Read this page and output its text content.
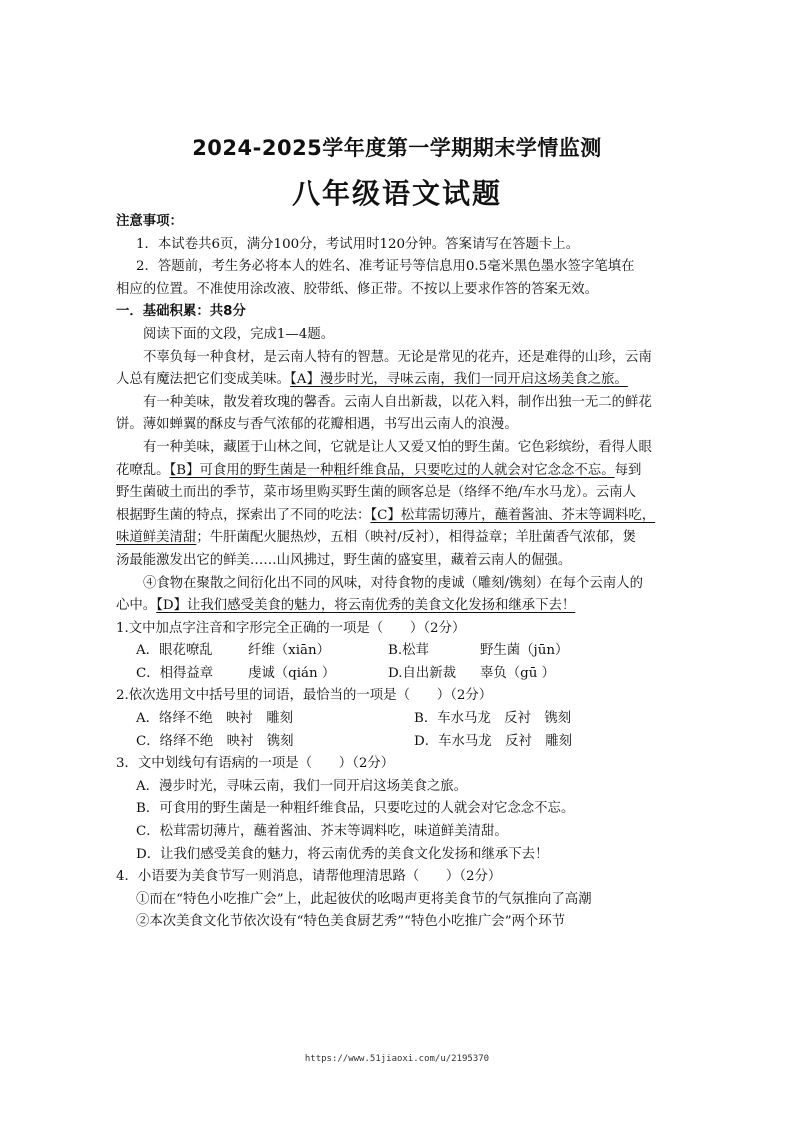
2024-2025学年度第一学期期末学情监测
八年级语文试题
注意事项：
1．本试卷共6页，满分100分，考试用时120分钟。答案请写在答题卡上。
2．答题前，考生务必将本人的姓名、准考证号等信息用0.5毫米黑色墨水签字笔填在
相应的位置。不准使用涂改液、胶带纸、修正带。不按以上要求作答的答案无效。
一．基础积累：共8分
阅读下面的文段，完成1—4题。
不辜负每一种食材，是云南人特有的智慧。无论是常见的花卉，还是难得的山珍，云南
人总有魔法把它们变成美味。【A】漫步时光，寻味云南，我们一同开启这场美食之旅。
有一种美味，散发着玫瑰的馨香。云南人自出新裁，以花入料，制作出独一无二的鲜花
饼。薄如蝉翼的酥皮与香气浓郁的花瓣相遇，书写出云南人的浪漫。
有一种美味，藏匿于山林之间，它就是让人又爱又怕的野生菌。它色彩缤纷，看得人眼
花嘹乱。【B】可食用的野生菌是一种粗纤维食品，只要吃过的人就会对它念念不忘。每到
野生菌破土而出的季节，菜市场里购买野生菌的顾客总是（络绎不绝/车水马龙）。云南人
根据野生菌的特点，探索出了不同的吃法：【C】松茸需切薄片，蘸着酱油、芥末等调料吃，
味道鲜美清甜；牛肝菌配火腿热炒，五相（映衬/反衬），相得益章；羊肚菌香气浓郁，煲
汤最能激发出它的鲜美……山风拂过，野生菌的盛宴里，藏着云南人的倔强。
④食物在聚散之间衍化出不同的风味，对待食物的虔诚（雕刻/镌刻）在每个云南人的
心中。【D】让我们感受美食的魅力，将云南优秀的美食文化发扬和继承下去！
1.文中加点字注音和字形完全正确的一项是（　　）（2分）
A．眼花嘹乱	纤维（xiān）	B.松茸	野生菌（jūn）
C．相得益章	虔诚（qián ）	D.自出新裁 辜负（gū ）
2.依次选用文中括号里的词语，最恰当的一项是（　　）（2分）
A．络绎不绝　映衬　雕刻	B．车水马龙　反衬　镌刻
C．络绎不绝　映衬　镌刻	D．车水马龙　反衬　雕刻
3．文中划线句有语病的一项是（　　）（2分）
A．漫步时光，寻味云南，我们一同开启这场美食之旅。
B．可食用的野生菌是一种粗纤维食品，只要吃过的人就会对它念念不忘。
C．松茸需切薄片，蘸着酱油、芥末等调料吃，味道鲜美清甜。
D．让我们感受美食的魅力，将云南优秀的美食文化发扬和继承下去！
4．小语要为美食节写一则消息，请帮他理清思路（　　）（2分）
①而在“特色小吃推广会”上，此起彼伏的吆喝声更将美食节的气氛推向了高潮
②本次美食文化节依次设有“特色美食厨艺秀”“特色小吃推广会”两个环节
https://www.51jiaoxi.com/u/2195370
